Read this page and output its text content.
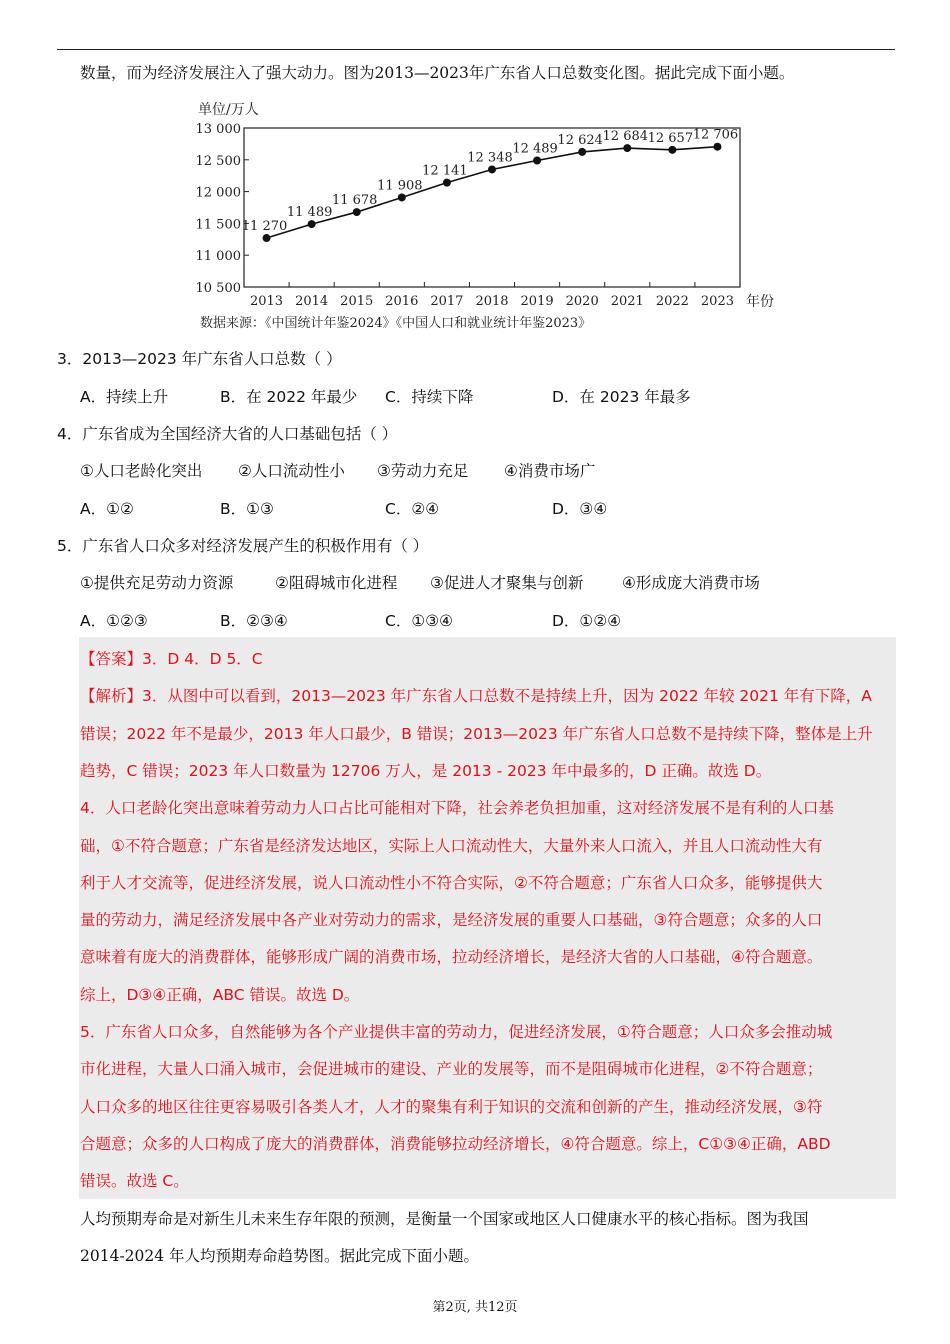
数量，而为经济发展注入了强大动力。图为2013—2023年广东省人口总数变化图。据此完成下面小题。
10 500
11 000
11 500
12 000
12 500
13 000
2013 2014 2015 2016 2017 2018 2019 2020 2021 2022 2023
11 270
11 489
11 678
11 908
12 141
12 348
12 489
12 624 12 684 12 657 12 706
单位/万人
年份
数据来源：《中国统计年鉴2024》《中国人口和就业统计年鉴2023》
3．2013—2023 年广东省人口总数（ ）
A．持续上升	B．在 2022 年最少 C．持续下降	D．在 2023 年最多
4．广东省成为全国经济大省的人口基础包括（ ）
①人口老龄化突出 ②人口流动性小 ③劳动力充足 ④消费市场广
A．①②	B．①③	C．②④	D．③④
5．广东省人口众多对经济发展产生的积极作用有（ ）
①提供充足劳动力资源	②阻碍城市化进程 ③促进人才聚集与创新 ④形成庞大消费市场
A．①②③	B．②③④	C．①③④	D．①②④
【答案】3．D 4．D 5．C
【解析】3．从图中可以看到，2013—2023 年广东省人口总数不是持续上升，因为 2022 年较 2021 年有下降，A
错误；2022 年不是最少，2013 年人口最少，B 错误；2013—2023 年广东省人口总数不是持续下降，整体是上升
趋势，C 错误；2023 年人口数量为 12706 万人，是 2013 - 2023 年中最多的，D 正确。故选 D。
4．人口老龄化突出意味着劳动力人口占比可能相对下降，社会养老负担加重，这对经济发展不是有利的人口基
础，①不符合题意；广东省是经济发达地区，实际上人口流动性大，大量外来人口流入，并且人口流动性大有
利于人才交流等，促进经济发展，说人口流动性小不符合实际，②不符合题意；广东省人口众多，能够提供大
量的劳动力，满足经济发展中各产业对劳动力的需求，是经济发展的重要人口基础，③符合题意；众多的人口
意味着有庞大的消费群体，能够形成广阔的消费市场，拉动经济增长，是经济大省的人口基础，④符合题意。
综上，D③④正确，ABC 错误。故选 D。
5．广东省人口众多，自然能够为各个产业提供丰富的劳动力，促进经济发展，①符合题意；人口众多会推动城
市化进程，大量人口涌入城市，会促进城市的建设、产业的发展等，而不是阻碍城市化进程，②不符合题意；
人口众多的地区往往更容易吸引各类人才，人才的聚集有利于知识的交流和创新的产生，推动经济发展，③符
合题意；众多的人口构成了庞大的消费群体，消费能够拉动经济增长，④符合题意。综上，C①③④正确，ABD
错误。故选 C。
人均预期寿命是对新生儿未来生存年限的预测，是衡量一个国家或地区人口健康水平的核心指标。图为我国
2014-2024 年人均预期寿命趋势图。据此完成下面小题。
第2页, 共12页
